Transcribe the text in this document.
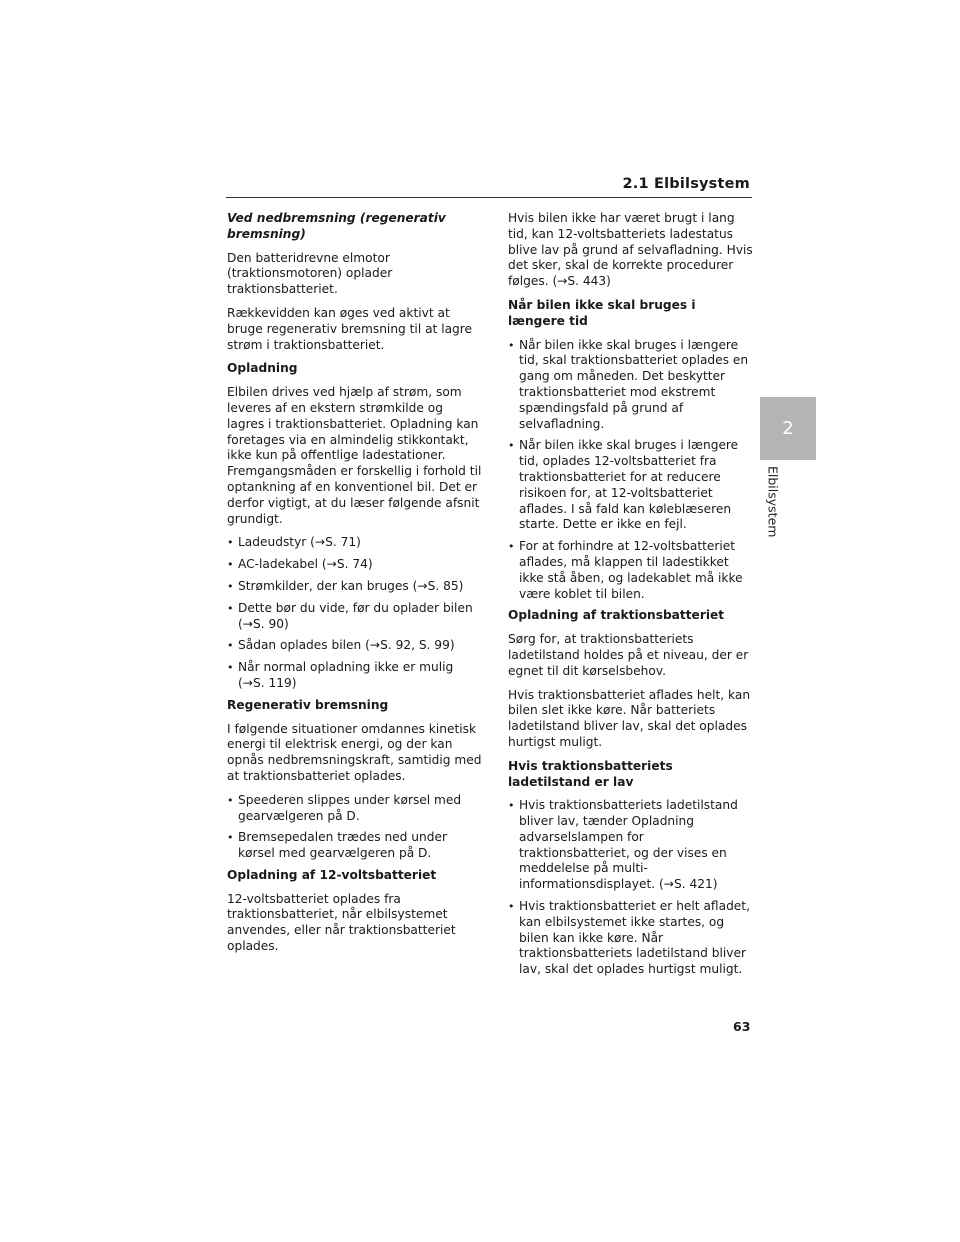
2.1 Elbilsystem
2
Elbilsystem
Ved nedbremsning (regenerativ bremsning)
Den batteridrevne elmotor (traktionsmotoren) oplader traktionsbatteriet.
Rækkevidden kan øges ved aktivt at bruge regenerativ bremsning til at lagre strøm i traktionsbatteriet.
Opladning
Elbilen drives ved hjælp af strøm, som leveres af en ekstern strømkilde og lagres i traktionsbatteriet. Opladning kan foretages via en almindelig stikkontakt, ikke kun på offentlige ladestationer. Fremgangsmåden er forskellig i forhold til optankning af en konventionel bil. Det er derfor vigtigt, at du læser følgende afsnit grundigt.
• Ladeudstyr (→S. 71)
• AC-ladekabel (→S. 74)
• Strømkilder, der kan bruges (→S. 85)
• Dette bør du vide, før du oplader bilen (→S. 90)
• Sådan oplades bilen (→S. 92, S. 99)
• Når normal opladning ikke er mulig (→S. 119)
Regenerativ bremsning
I følgende situationer omdannes kinetisk energi til elektrisk energi, og der kan opnås nedbremsningskraft, samtidig med at traktionsbatteriet oplades.
• Speederen slippes under kørsel med gearvælgeren på D.
• Bremsepedalen trædes ned under kørsel med gearvælgeren på D.
Opladning af 12-voltsbatteriet
12-voltsbatteriet oplades fra traktionsbatteriet, når elbilsystemet anvendes, eller når traktionsbatteriet oplades.
Hvis bilen ikke har været brugt i lang tid, kan 12-voltsbatteriets ladestatus blive lav på grund af selvafladning. Hvis det sker, skal de korrekte procedurer følges. (→S. 443)
Når bilen ikke skal bruges i længere tid
• Når bilen ikke skal bruges i længere tid, skal traktionsbatteriet oplades en gang om måneden. Det beskytter traktionsbatteriet mod ekstremt spændingsfald på grund af selvafladning.
• Når bilen ikke skal bruges i længere tid, oplades 12-voltsbatteriet fra traktionsbatteriet for at reducere risikoen for, at 12-voltsbatteriet aflades. I så fald kan køleblæseren starte. Dette er ikke en fejl.
• For at forhindre at 12-voltsbatteriet aflades, må klappen til ladestikket ikke stå åben, og ladekablet må ikke være koblet til bilen.
Opladning af traktionsbatteriet
Sørg for, at traktionsbatteriets ladetilstand holdes på et niveau, der er egnet til dit kørselsbehov.
Hvis traktionsbatteriet aflades helt, kan bilen slet ikke køre. Når batteriets ladetilstand bliver lav, skal det oplades hurtigst muligt.
Hvis traktionsbatteriets ladetilstand er lav
• Hvis traktionsbatteriets ladetilstand bliver lav, tænder Opladning advarselslampen for traktionsbatteriet, og der vises en meddelelse på multi-informationsdisplayet. (→S. 421)
• Hvis traktionsbatteriet er helt afladet, kan elbilsystemet ikke startes, og bilen kan ikke køre. Når traktionsbatteriets ladetilstand bliver lav, skal det oplades hurtigst muligt.
63
